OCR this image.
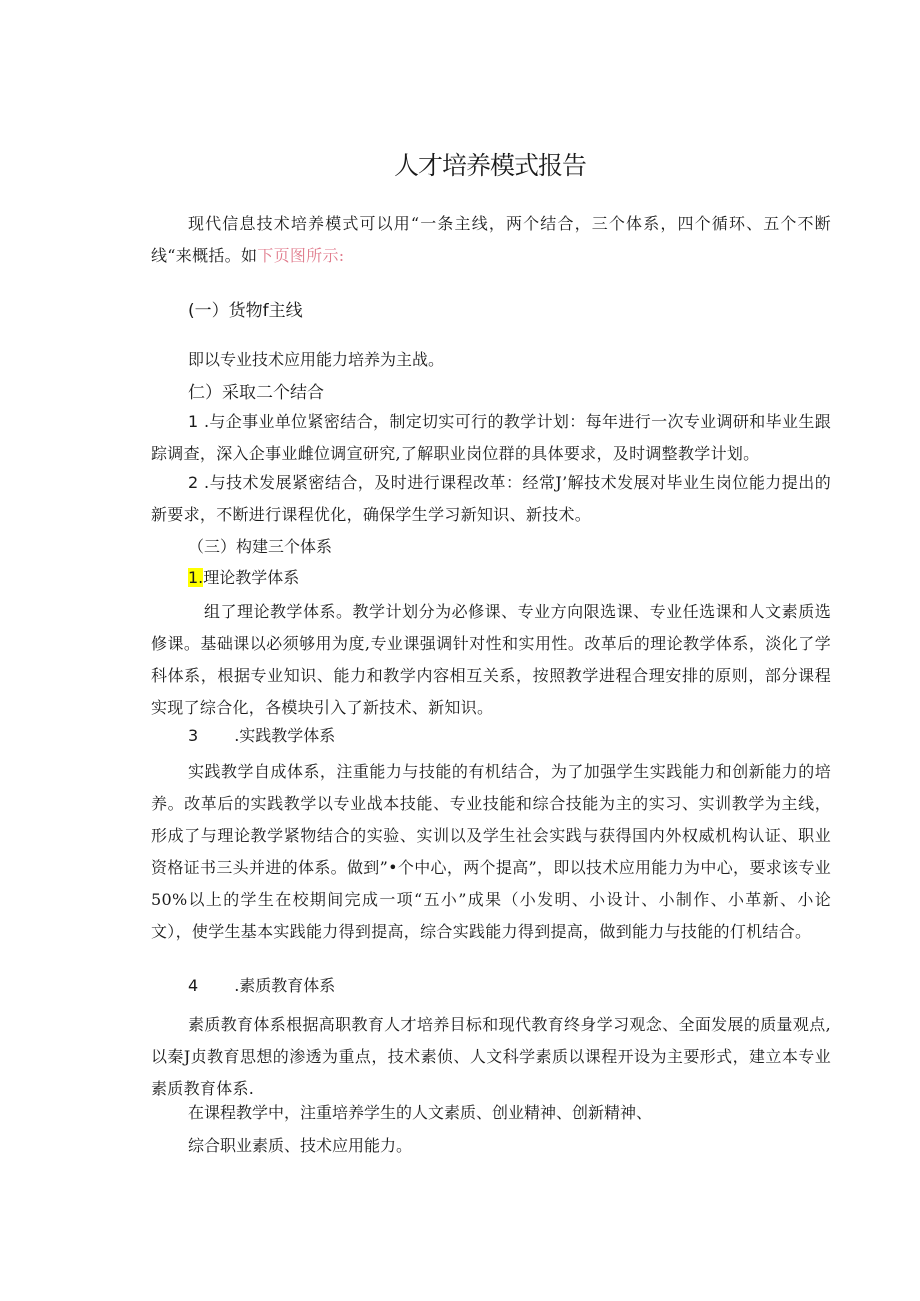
人才培养模式报告

现代信息技术培养模式可以用“一条主线，两个结合，三个体系，四个循环、五个不断线“来概括。如下页图所示:

(一）货物f主线

即以专业技术应用能力培养为主战。

仁）采取二个结合

1 .与企事业单位紧密结合，制定切实可行的教学计划：每年进行一次专业调研和毕业生跟踪调查，深入企事业雌位调宣研究,了解职业岗位群的具体要求，及时调整教学计划。

2 .与技术发展紧密结合，及时进行课程改革：经常J’解技术发展对毕业生岗位能力提出的新要求，不断进行课程优化，确保学生学习新知识、新技术。

（三）构建三个体系

1.理论教学体系

组了理论教学体系。教学计划分为必修课、专业方向限选课、专业任选课和人文素质选修课。基础课以必须够用为度,专业课强调针对性和实用性。改革后的理论教学体系，淡化了学科体系，根据专业知识、能力和教学内容相互关系，按照教学进程合理安排的原则，部分课程实现了综合化，各模块引入了新技术、新知识。

3 .实践教学体系

实践教学自成体系，注重能力与技能的有机结合，为了加强学生实践能力和创新能力的培养。改革后的实践教学以专业战本技能、专业技能和综合技能为主的实习、实训教学为主线，形成了与理论教学紧物结合的实验、实训以及学生社会实践与获得国内外权威机构认证、职业资格证书三头并进的体系。做到”•个中心，两个提高”，即以技术应用能力为中心，要求该专业50%以上的学生在校期间完成一项“五小”成果（小发明、小设计、小制作、小革新、小论文），使学生基本实践能力得到提高，综合实践能力得到提高，做到能力与技能的仃机结合。

4 .素质教育体系

素质教育体系根据高职教育人才培养目标和现代教育终身学习观念、全面发展的质量观点,以秦J贞教育思想的渗透为重点，技术素侦、人文科学素质以课程开设为主要形式，建立本专业素质教育体系.

在课程教学中，注重培养学生的人文素质、创业精神、创新精神、

综合职业素质、技术应用能力。
